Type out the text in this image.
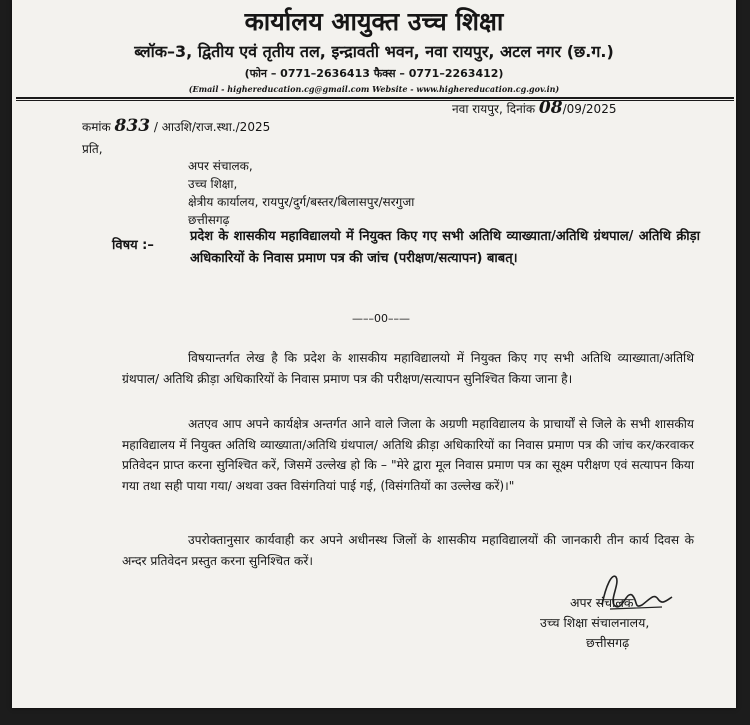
कार्यालय आयुक्त उच्च शिक्षा
ब्लॉक–3, द्वितीय एवं तृतीय तल, इन्द्रावती भवन, नवा रायपुर, अटल नगर (छ.ग.)
(फोन – 0771–2636413 फैक्स – 0771–2263412)
(Email - highereducation.cg@gmail.com Website - www.highereducation.cg.gov.in)
नवा रायपुर, दिनांक 08/09/2025
कमांक 833 / आउशि/राज.स्था./2025
प्रति,
अपर संचालक,
उच्च शिक्षा,
क्षेत्रीय कार्यालय, रायपुर/दुर्ग/बस्तर/बिलासपुर/सरगुजा
छत्तीसगढ़
विषय :–
प्रदेश के शासकीय महाविद्यालयो में नियुक्त किए गए सभी अतिथि व्याख्याता/अतिथि ग्रंथपाल/ अतिथि क्रीड़ा अधिकारियों के निवास प्रमाण पत्र की जांच (परीक्षण/सत्यापन) बाबत्।
—––00––—
विषयान्तर्गत लेख है कि प्रदेश के शासकीय महाविद्यालयो में नियुक्त किए गए सभी अतिथि व्याख्याता/अतिथि ग्रंथपाल/ अतिथि क्रीड़ा अधिकारियों के निवास प्रमाण पत्र की परीक्षण/सत्यापन सुनिश्चित किया जाना है।
अतएव आप अपने कार्यक्षेत्र अन्तर्गत आने वाले जिला के अग्रणी महाविद्यालय के प्राचार्यों से जिले के सभी शासकीय महाविद्यालय में नियुक्त अतिथि व्याख्याता/अतिथि ग्रंथपाल/ अतिथि क्रीड़ा अधिकारियों का निवास प्रमाण पत्र की जांच कर/करवाकर प्रतिवेदन प्राप्त करना सुनिश्चित करें, जिसमें उल्लेख हो कि – "मेरे द्वारा मूल निवास प्रमाण पत्र का सूक्ष्म परीक्षण एवं सत्यापन किया गया तथा सही पाया गया/ अथवा उक्त विसंगतियां पाई गई, (विसंगतियों का उल्लेख करें)।"
उपरोक्तानुसार कार्यवाही कर अपने अधीनस्थ जिलों के शासकीय महाविद्यालयों की जानकारी तीन कार्य दिवस के अन्दर प्रतिवेदन प्रस्तुत करना सुनिश्चित करें।
अपर संचालक
उच्च शिक्षा संचालनालय,
छत्तीसगढ़
